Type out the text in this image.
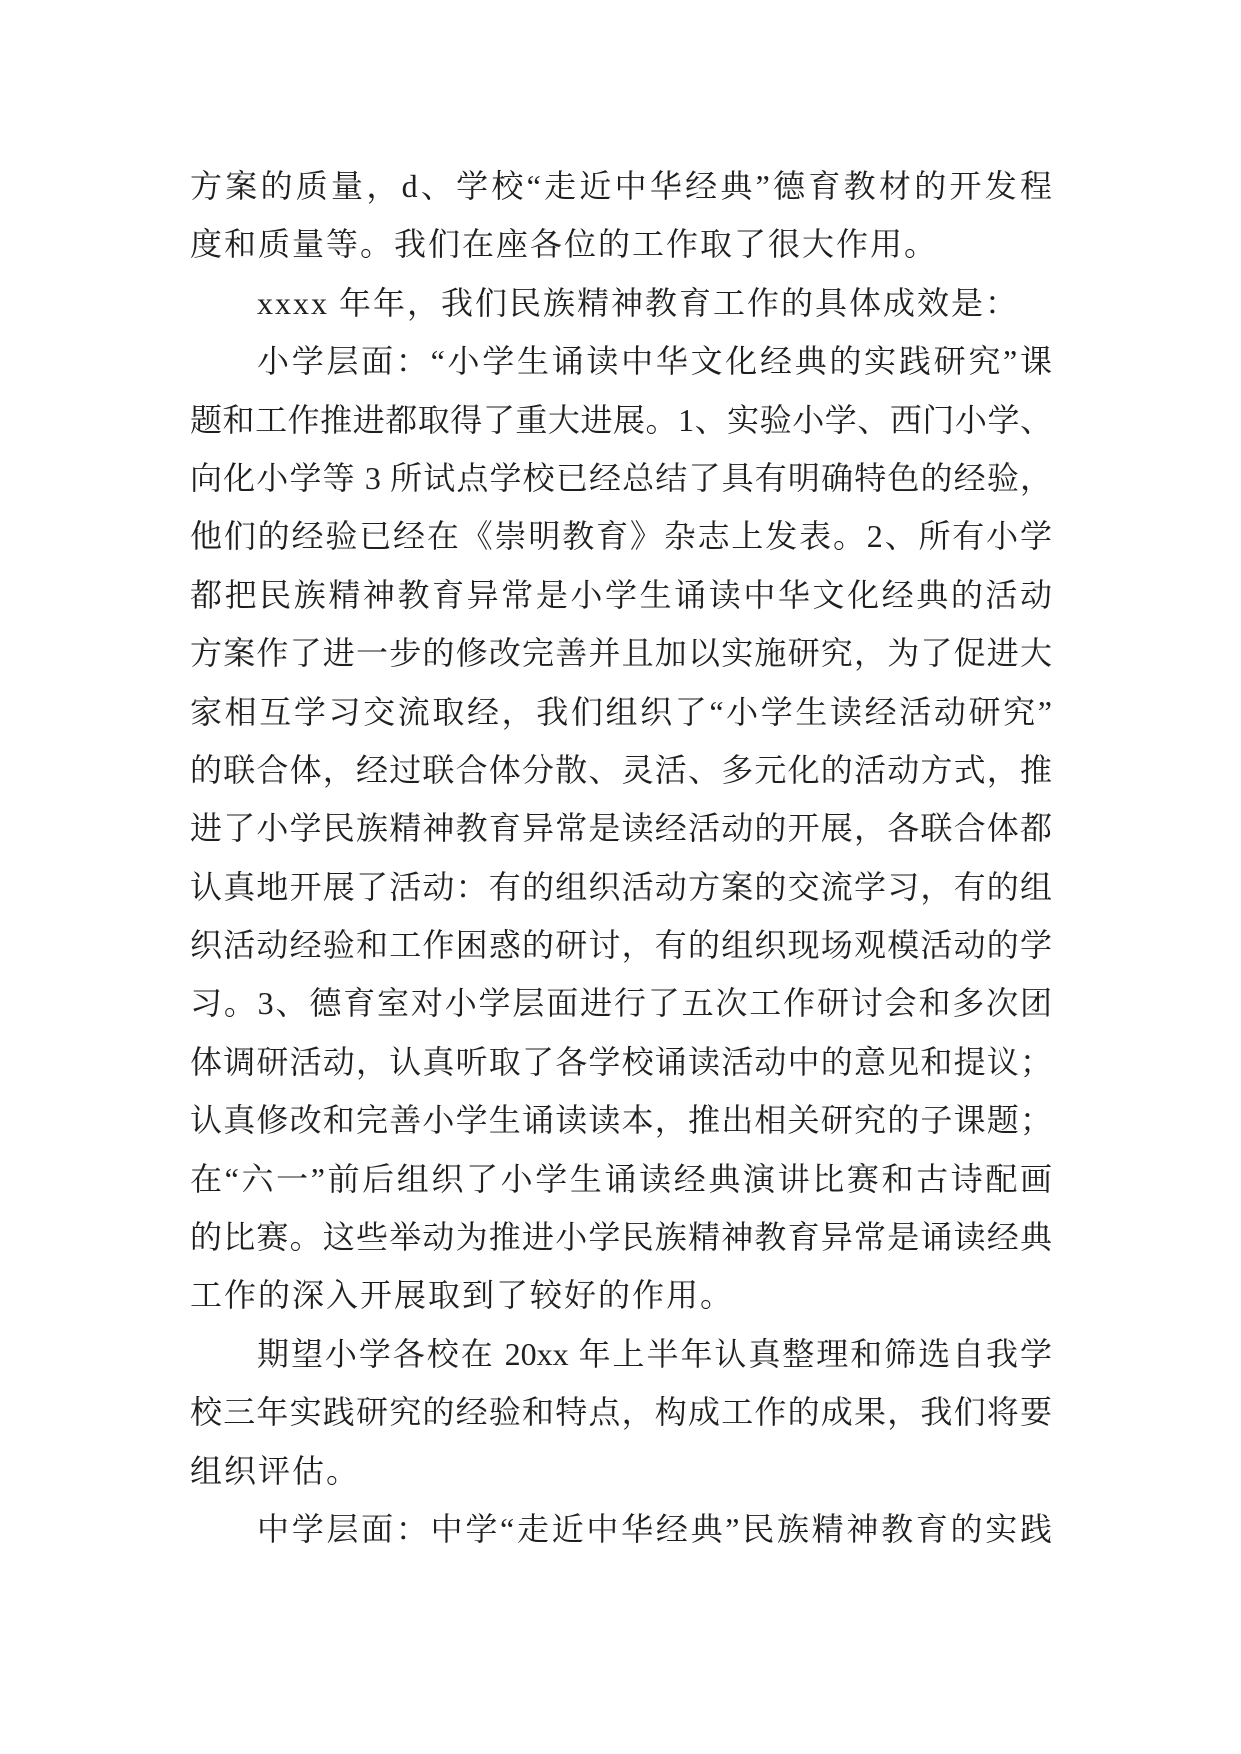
方案的质量，d、学校“走近中华经典”德育教材的开发程
度和质量等。我们在座各位的工作取了很大作用。
xxxx 年年，我们民族精神教育工作的具体成效是：
小学层面：“小学生诵读中华文化经典的实践研究”课
题和工作推进都取得了重大进展。1、实验小学、西门小学、
向化小学等 3 所试点学校已经总结了具有明确特色的经验，
他们的经验已经在《崇明教育》杂志上发表。2、所有小学
都把民族精神教育异常是小学生诵读中华文化经典的活动
方案作了进一步的修改完善并且加以实施研究，为了促进大
家相互学习交流取经，我们组织了“小学生读经活动研究”
的联合体，经过联合体分散、灵活、多元化的活动方式，推
进了小学民族精神教育异常是读经活动的开展，各联合体都
认真地开展了活动：有的组织活动方案的交流学习，有的组
织活动经验和工作困惑的研讨，有的组织现场观模活动的学
习。3、德育室对小学层面进行了五次工作研讨会和多次团
体调研活动，认真听取了各学校诵读活动中的意见和提议；
认真修改和完善小学生诵读读本，推出相关研究的子课题；
在“六一”前后组织了小学生诵读经典演讲比赛和古诗配画
的比赛。这些举动为推进小学民族精神教育异常是诵读经典
工作的深入开展取到了较好的作用。
期望小学各校在 20xx 年上半年认真整理和筛选自我学
校三年实践研究的经验和特点，构成工作的成果，我们将要
组织评估。
中学层面：中学“走近中华经典”民族精神教育的实践
